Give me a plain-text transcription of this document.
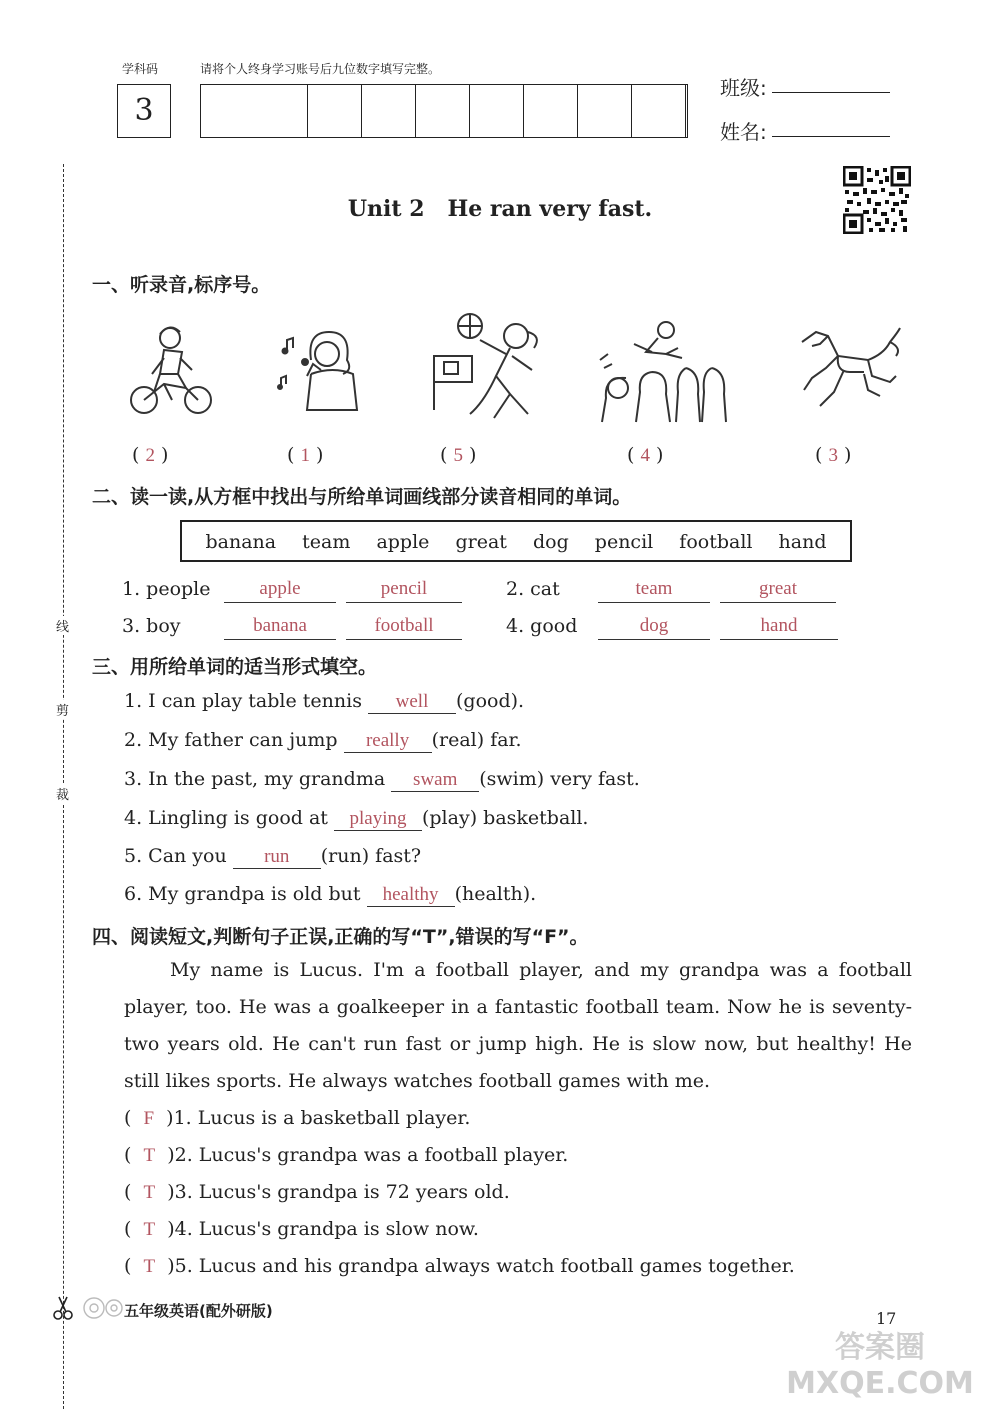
学科码	请将个人终身学习账号后九位数字填写完整。
3
班级:
姓名:
线
剪
裁
Unit 2   He ran very fast.
一、听录音,标序号。
( 2 )	( 1 )	( 5 )	( 4 )	( 3 )
二、读一读,从方框中找出与所给单词画线部分读音相同的单词。
banana team apple great dog pencil football hand
1. people	apple	pencil	2. cat	team	great
3. boy	banana	football	4. good	dog	hand
三、用所给单词的适当形式填空。
1. I can play table tennis well (good).
2. My father can jump really (real) far.
3. In the past, my grandma swam (swim) very fast.
4. Lingling is good at playing (play) basketball.
5. Can you run (run) fast?
6. My grandpa is old but healthy (health).
四、阅读短文,判断句子正误,正确的写“T”,错误的写“F”。
My name is Lucus. I'm a football player, and my grandpa was a football player, too. He was a goalkeeper in a fantastic football team. Now he is seventy-two years old. He can't run fast or jump high. He is slow now, but healthy! He still likes sports. He always watches football games with me.
(  F )1. Lucus is a basketball player.
(  T )2. Lucus's grandpa was a football player.
(  T )3. Lucus's grandpa is 72 years old.
(  T )4. Lucus's grandpa is slow now.
(  T )5. Lucus and his grandpa always watch football games together.
五年级英语(配外研版)	17
答案圈 MXQE.COM
